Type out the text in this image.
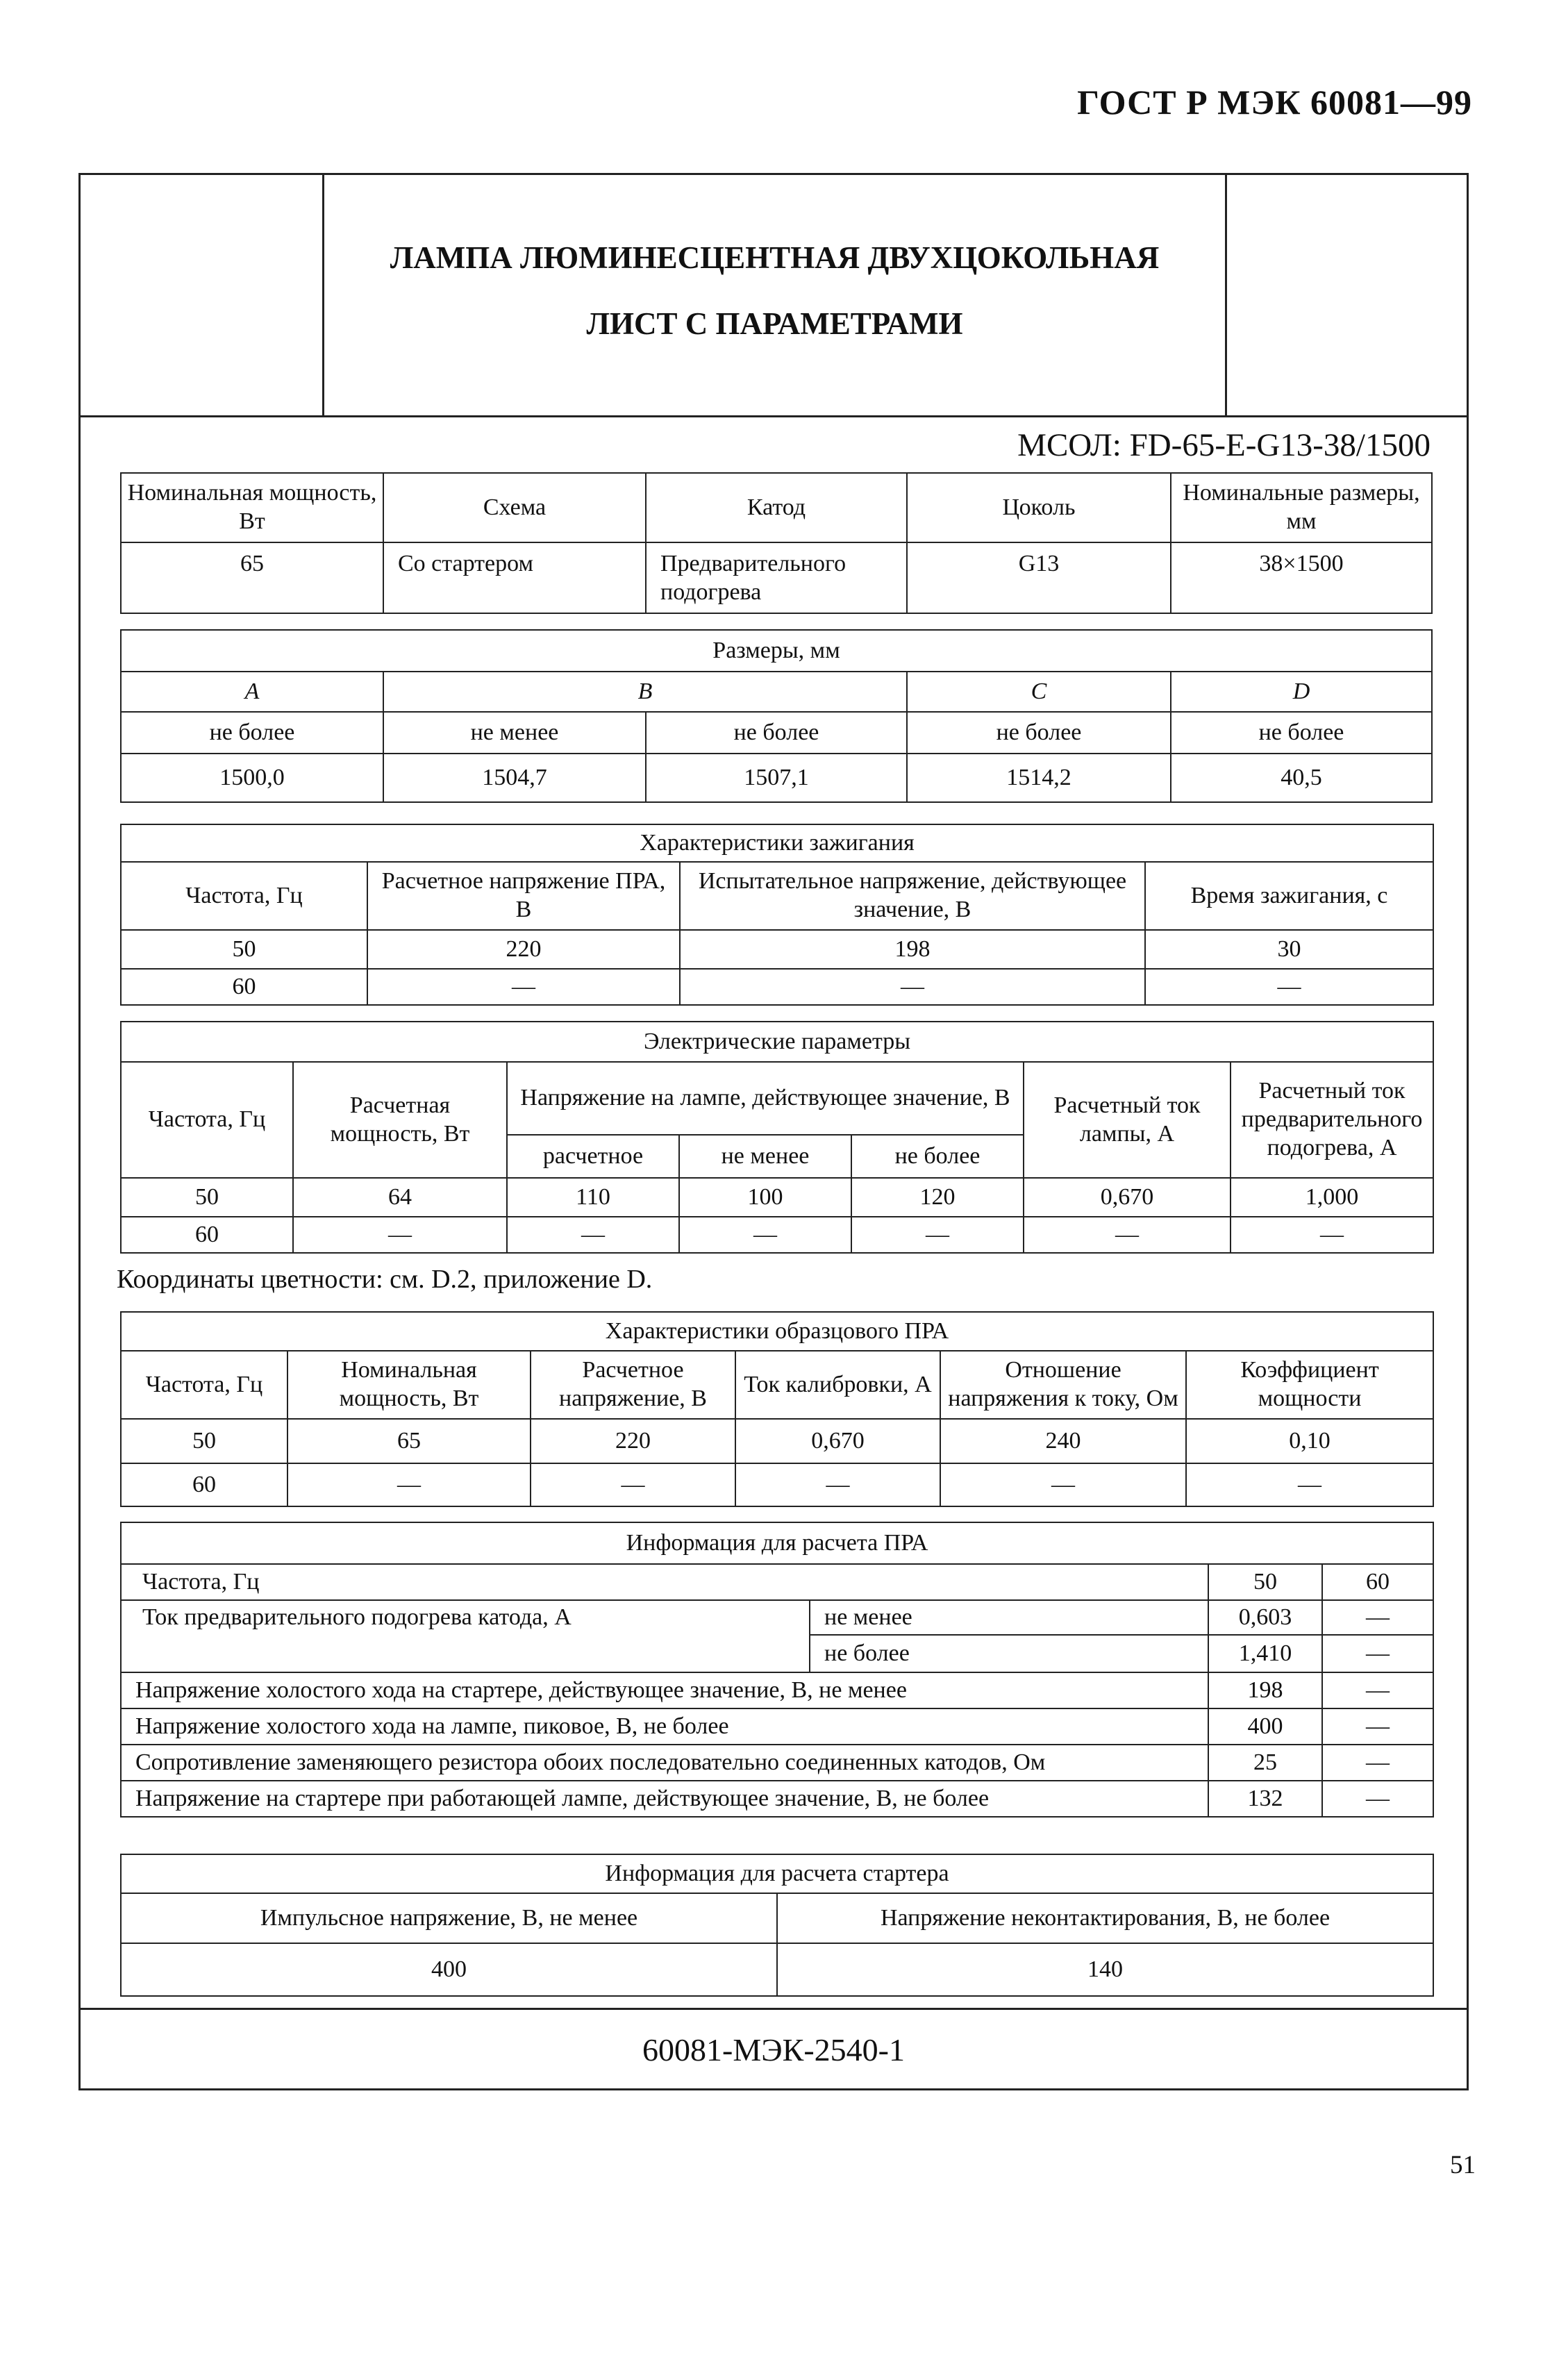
ГОСТ Р МЭК 60081—99
ЛАМПА ЛЮМИНЕСЦЕНТНАЯ ДВУХЦОКОЛЬНАЯ
ЛИСТ С ПАРАМЕТРАМИ
МСОЛ: FD-65-E-G13-38/1500
Номинальная мощность, Вт	Схема	Катод	Цоколь	Номинальные размеры, мм
65	Со стартером	Предварительного подогрева	G13	38×1500
Размеры, мм				
A	B		C	D
не более	не менее	не более	не более	не более
1500,0	1504,7	1507,1	1514,2	40,5
Характеристики зажигания			
Частота, Гц	Расчетное напряжение ПРА, В	Испытательное напряжение, действующее значение, В	Время зажигания, с
50	220	198	30
60	—	—	—
Электрические параметры						
Частота, Гц	Расчетная мощность, Вт	Напряжение на лампе, действующее значение, В			Расчетный ток лампы, А	Расчетный ток предварительного подогрева, А
		расчетное	не менее	не более		
50	64	110	100	120	0,670	1,000
60	—	—	—	—	—	—
Координаты цветности: см. D.2, приложение D.
Характеристики образцового ПРА					
Частота, Гц	Номинальная мощность, Вт	Расчетное напряжение, В	Ток калибровки, А	Отношение напряжения к току, Ом	Коэффициент мощности
50	65	220	0,670	240	0,10
60	—	—	—	—	—
Информация для расчета ПРА			
Частота, Гц		50	60
Ток предварительного подогрева катода, А	не менее	0,603	—
	не более	1,410	—
Напряжение холостого хода на стартере, действующее значение, В, не менее		198	—
Напряжение холостого хода на лампе, пиковое, В, не более		400	—
Сопротивление заменяющего резистора обоих последовательно соединенных катодов, Ом		25	—
Напряжение на стартере при работающей лампе, действующее значение, В, не более		132	—
Информация для расчета стартера	
Импульсное напряжение, В, не менее	Напряжение неконтактирования, В, не более
400	140
60081-МЭК-2540-1
51
